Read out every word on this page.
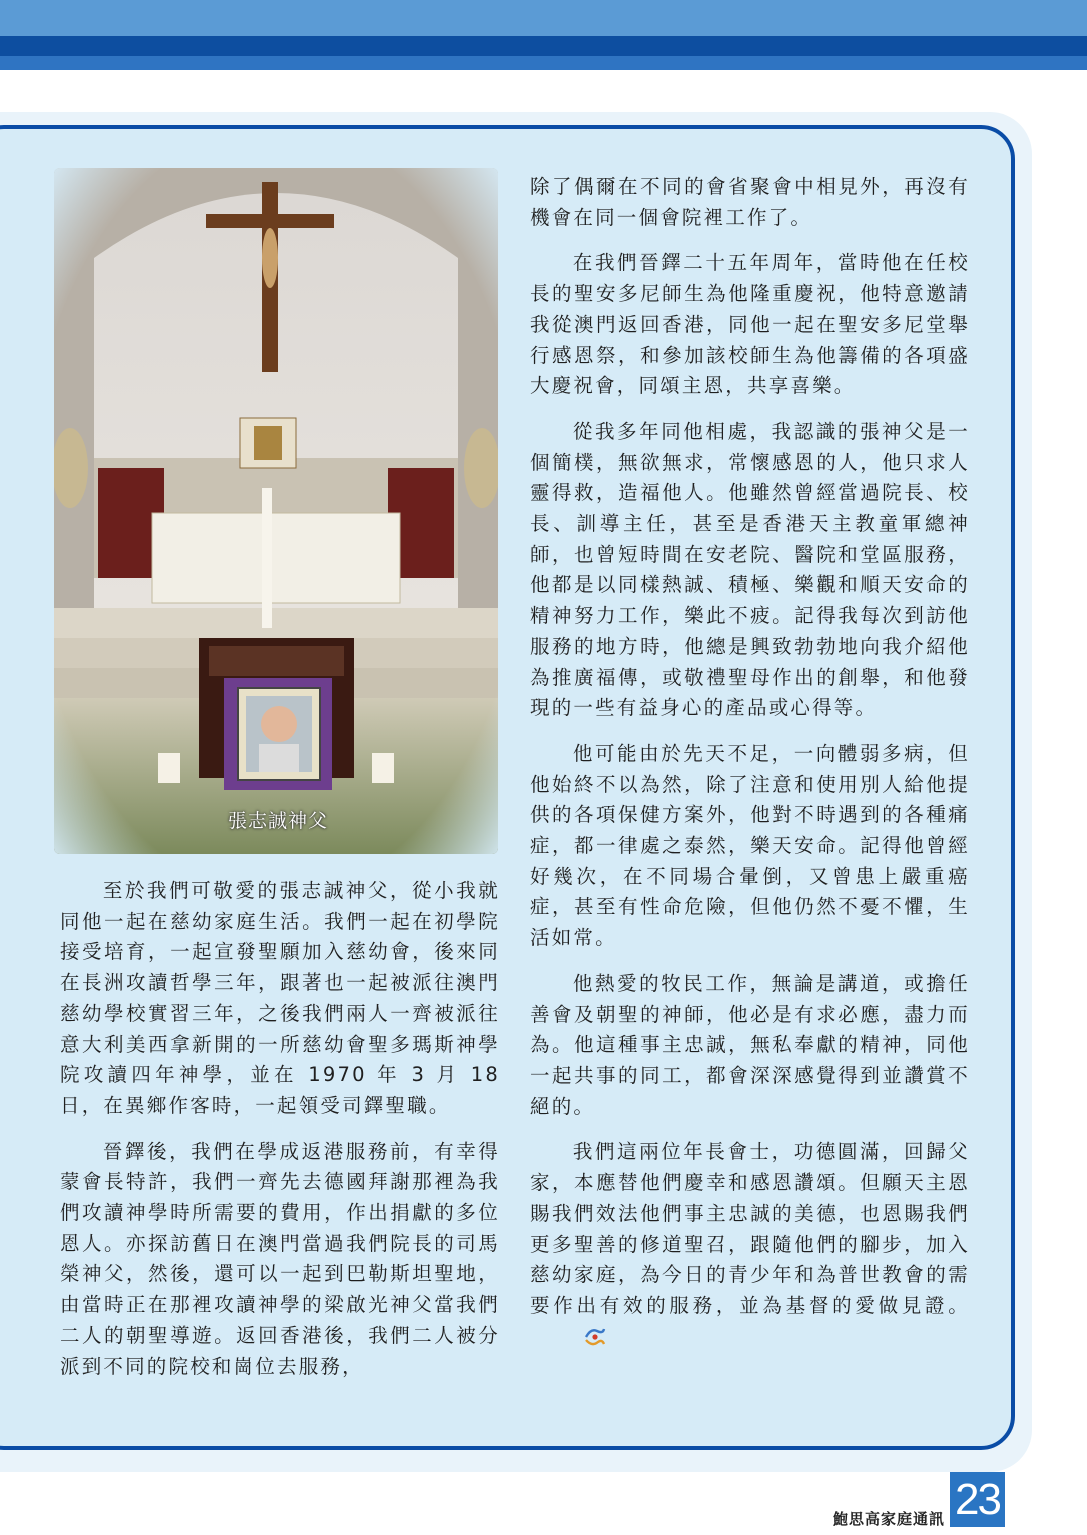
張志誠神父

至於我們可敬愛的張志誠神父，從小我就同他一起在慈幼家庭生活。我們一起在初學院接受培育，一起宣發聖願加入慈幼會，後來同在長洲攻讀哲學三年，跟著也一起被派往澳門慈幼學校實習三年，之後我們兩人一齊被派往意大利美西拿新開的一所慈幼會聖多瑪斯神學院攻讀四年神學，並在 1970 年 3 月 18 日，在異鄉作客時，一起領受司鐸聖職。

晉鐸後，我們在學成返港服務前，有幸得蒙會長特許，我們一齊先去德國拜謝那裡為我們攻讀神學時所需要的費用，作出捐獻的多位恩人。亦探訪舊日在澳門當過我們院長的司馬榮神父，然後，還可以一起到巴勒斯坦聖地，由當時正在那裡攻讀神學的梁啟光神父當我們二人的朝聖導遊。返回香港後，我們二人被分派到不同的院校和崗位去服務，

除了偶爾在不同的會省聚會中相見外，再沒有機會在同一個會院裡工作了。

在我們晉鐸二十五年周年，當時他在任校長的聖安多尼師生為他隆重慶祝，他特意邀請我從澳門返回香港，同他一起在聖安多尼堂舉行感恩祭，和參加該校師生為他籌備的各項盛大慶祝會，同頌主恩，共享喜樂。

從我多年同他相處，我認識的張神父是一個簡樸，無欲無求，常懷感恩的人，他只求人靈得救，造福他人。他雖然曾經當過院長、校長、訓導主任，甚至是香港天主教童軍總神師，也曾短時間在安老院、醫院和堂區服務，他都是以同樣熱誠、積極、樂觀和順天安命的精神努力工作，樂此不疲。記得我每次到訪他服務的地方時，他總是興致勃勃地向我介紹他為推廣福傳，或敬禮聖母作出的創舉，和他發現的一些有益身心的產品或心得等。

他可能由於先天不足，一向體弱多病，但他始終不以為然，除了注意和使用別人給他提供的各項保健方案外，他對不時遇到的各種痛症，都一律處之泰然，樂天安命。記得他曾經好幾次，在不同場合暈倒，又曾患上嚴重癌症，甚至有性命危險，但他仍然不憂不懼，生活如常。

他熱愛的牧民工作，無論是講道，或擔任善會及朝聖的神師，他必是有求必應，盡力而為。他這種事主忠誠，無私奉獻的精神，同他一起共事的同工，都會深深感覺得到並讚賞不絕的。

我們這兩位年長會士，功德圓滿，回歸父家，本應替他們慶幸和感恩讚頌。但願天主恩賜我們效法他們事主忠誠的美德，也恩賜我們更多聖善的修道聖召，跟隨他們的腳步，加入慈幼家庭，為今日的青少年和為普世教會的需要作出有效的服務，並為基督的愛做見證。

鮑思高家庭通訊 23
